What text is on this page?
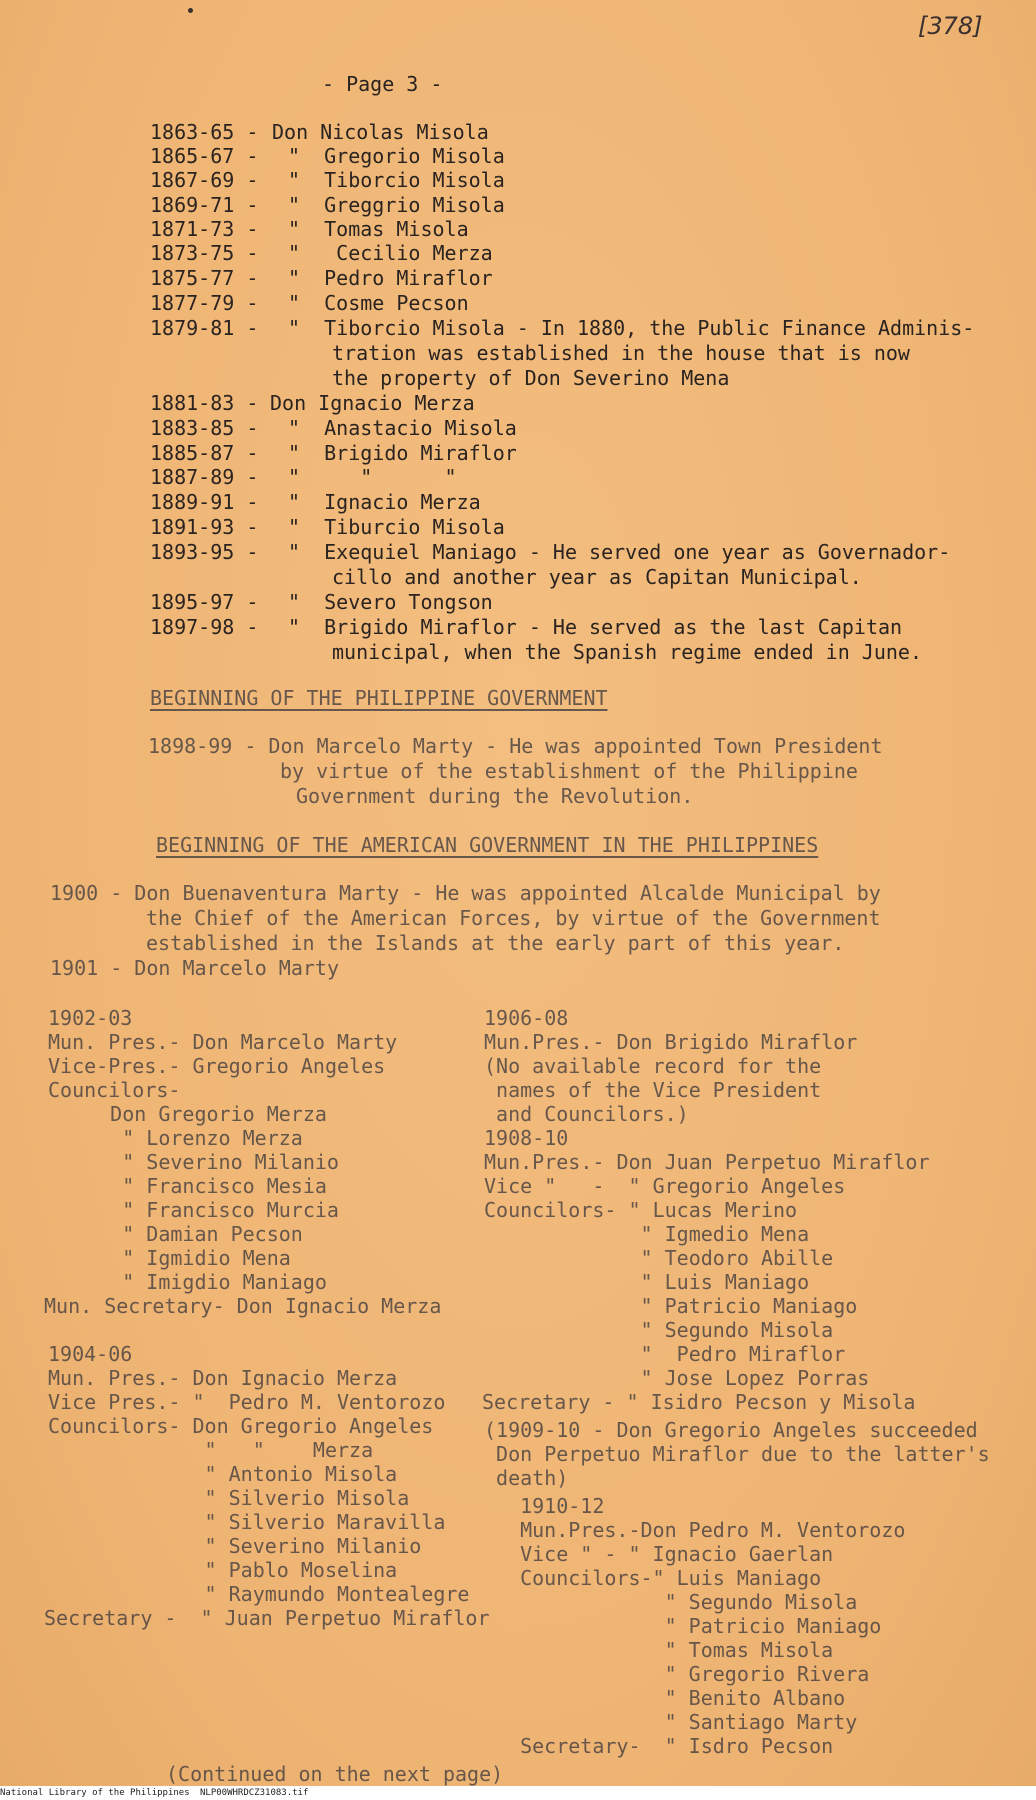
[378]
- Page 3 -
1863-65 - Don Nicolas Misola
1865-67 - "  Gregorio Misola
1867-69 - "  Tiborcio Misola
1869-71 - "  Greggrio Misola
1871-73 - "  Tomas Misola
1873-75 - "   Cecilio Merza
1875-77 - "  Pedro Miraflor
1877-79 - "  Cosme Pecson
1879-81 - "  Tiborcio Misola - In 1880, the Public Finance Adminis-
tration was established in the house that is now
the property of Don Severino Mena
1881-83 - Don Ignacio Merza
1883-85 - "  Anastacio Misola
1885-87 - "  Brigido Miraflor
1887-89 - "     "      "
1889-91 - "  Ignacio Merza
1891-93 - "  Tiburcio Misola
1893-95 - "  Exequiel Maniago - He served one year as Governador-
cillo and another year as Capitan Municipal.
1895-97 - "  Severo Tongson
1897-98 - "  Brigido Miraflor - He served as the last Capitan
municipal, when the Spanish regime ended in June.
BEGINNING OF THE PHILIPPINE GOVERNMENT
1898-99 - Don Marcelo Marty - He was appointed Town President
by virtue of the establishment of the Philippine
Government during the Revolution.
BEGINNING OF THE AMERICAN GOVERNMENT IN THE PHILIPPINES
1900 - Don Buenaventura Marty - He was appointed Alcalde Municipal by
the Chief of the American Forces, by virtue of the Government
established in the Islands at the early part of this year.
1901 - Don Marcelo Marty
1902-03
Mun. Pres.- Don Marcelo Marty
Vice-Pres.- Gregorio Angeles
Councilors-
Don Gregorio Merza
" Lorenzo Merza
" Severino Milanio
" Francisco Mesia
" Francisco Murcia
" Damian Pecson
" Igmidio Mena
" Imigdio Maniago
Mun. Secretary- Don Ignacio Merza
1904-06
Mun. Pres.- Don Ignacio Merza
Vice Pres.- "  Pedro M. Ventorozo
Councilors- Don Gregorio Angeles
"   "    Merza
" Antonio Misola
" Silverio Misola
" Silverio Maravilla
" Severino Milanio
" Pablo Moselina
" Raymundo Montealegre
Secretary -  " Juan Perpetuo Miraflor
1906-08
Mun.Pres.- Don Brigido Miraflor
(No available record for the
names of the Vice President
and Councilors.)
1908-10
Mun.Pres.- Don Juan Perpetuo Miraflor
Vice "   -  " Gregorio Angeles
Councilors- " Lucas Merino
" Igmedio Mena
" Teodoro Abille
" Luis Maniago
" Patricio Maniago
" Segundo Misola
"  Pedro Miraflor
" Jose Lopez Porras
Secretary - " Isidro Pecson y Misola
(1909-10 - Don Gregorio Angeles succeeded
Don Perpetuo Miraflor due to the latter's
death)
1910-12
Mun.Pres.-Don Pedro M. Ventorozo
Vice " - " Ignacio Gaerlan
Councilors-" Luis Maniago
" Segundo Misola
" Patricio Maniago
" Tomas Misola
" Gregorio Rivera
" Benito Albano
" Santiago Marty
Secretary-  " Isdro Pecson
(Continued on the next page)
National Library of the Philippines NLP00WHRDCZ31083.tif
